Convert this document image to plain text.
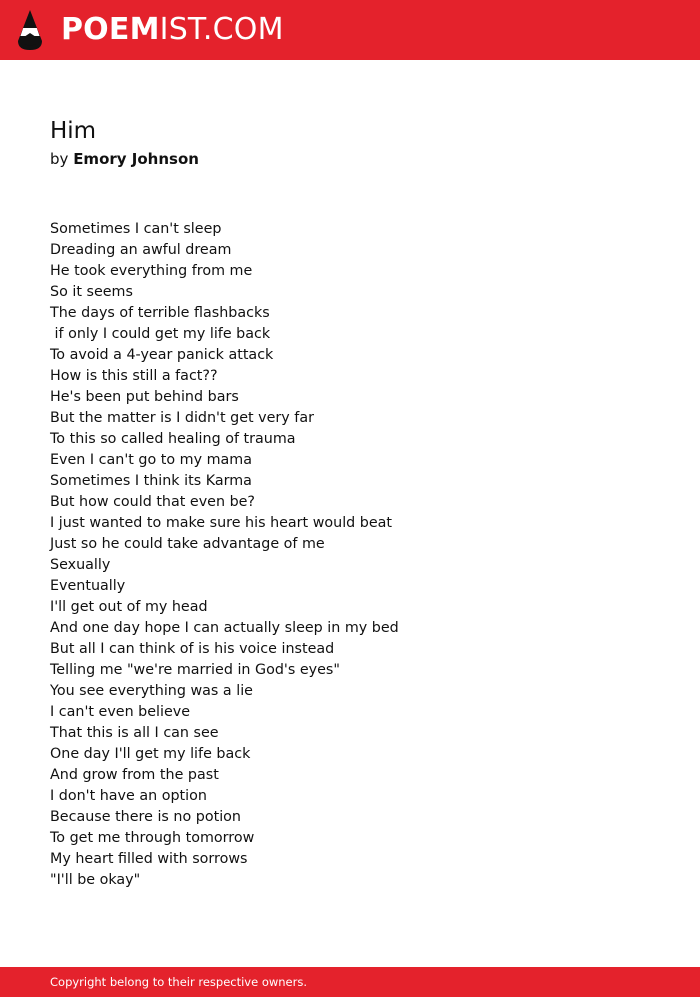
POEMIST.COM
Him
by Emory Johnson
Sometimes I can't sleep
Dreading an awful dream
He took everything from me
So it seems
The days of terrible flashbacks
if only I could get my life back
To avoid a 4-year panick attack
How is this still a fact??
He's been put behind bars
But the matter is I didn't get very far
To this so called healing of trauma
Even I can't go to my mama
Sometimes I think its Karma
But how could that even be?
I just wanted to make sure his heart would beat
Just so he could take advantage of me
Sexually
Eventually
I'll get out of my head
And one day hope I can actually sleep in my bed
But all I can think of is his voice instead
Telling me "we're married in God's eyes"
You see everything was a lie
I can't even believe
That this is all I can see
One day I'll get my life back
And grow from the past
I don't have an option
Because there is no potion
To get me through tomorrow
My heart filled with sorrows
"I'll be okay"
Copyright belong to their respective owners.
